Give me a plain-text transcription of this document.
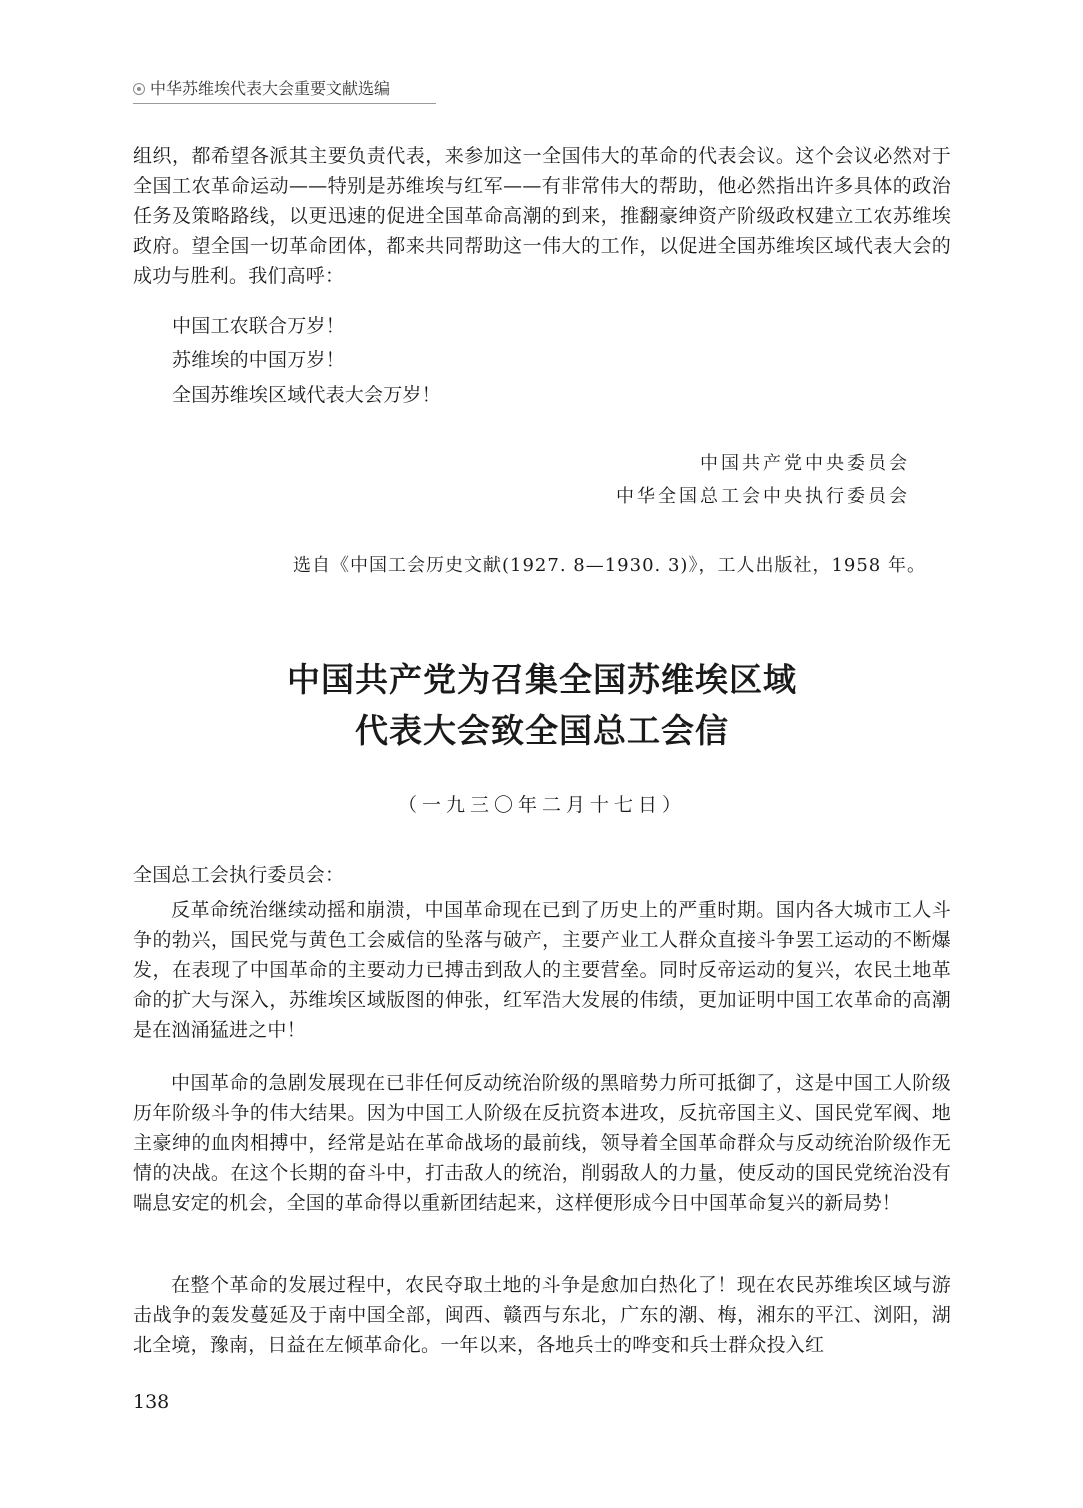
中华苏维埃代表大会重要文献选编

组织，都希望各派其主要负责代表，来参加这一全国伟大的革命的代表会议。这个会议必然对于全国工农革命运动——特别是苏维埃与红军——有非常伟大的帮助，他必然指出许多具体的政治任务及策略路线，以更迅速的促进全国革命高潮的到来，推翻豪绅资产阶级政权建立工农苏维埃政府。望全国一切革命团体，都来共同帮助这一伟大的工作，以促进全国苏维埃区域代表大会的成功与胜利。我们高呼：

中国工农联合万岁！
苏维埃的中国万岁！
全国苏维埃区域代表大会万岁！
中国共产党中央委员会
中华全国总工会中央执行委员会
选自《中国工会历史文献(1927. 8—1930. 3)》，工人出版社，1958 年。
中国共产党为召集全国苏维埃区域
代表大会致全国总工会信
（一九三〇年二月十七日）
全国总工会执行委员会：

反革命统治继续动摇和崩溃，中国革命现在已到了历史上的严重时期。国内各大城市工人斗争的勃兴，国民党与黄色工会威信的坠落与破产，主要产业工人群众直接斗争罢工运动的不断爆发，在表现了中国革命的主要动力已搏击到敌人的主要营垒。同时反帝运动的复兴，农民土地革命的扩大与深入，苏维埃区域版图的伸张，红军浩大发展的伟绩，更加证明中国工农革命的高潮是在汹涌猛进之中！

中国革命的急剧发展现在已非任何反动统治阶级的黑暗势力所可抵御了，这是中国工人阶级历年阶级斗争的伟大结果。因为中国工人阶级在反抗资本进攻，反抗帝国主义、国民党军阀、地主豪绅的血肉相搏中，经常是站在革命战场的最前线，领导着全国革命群众与反动统治阶级作无情的决战。在这个长期的奋斗中，打击敌人的统治，削弱敌人的力量，使反动的国民党统治没有喘息安定的机会，全国的革命得以重新团结起来，这样便形成今日中国革命复兴的新局势！

在整个革命的发展过程中，农民夺取土地的斗争是愈加白热化了！现在农民苏维埃区域与游击战争的轰发蔓延及于南中国全部，闽西、赣西与东北，广东的潮、梅，湘东的平江、浏阳，湖北全境，豫南，日益在左倾革命化。一年以来，各地兵士的哗变和兵士群众投入红

138
